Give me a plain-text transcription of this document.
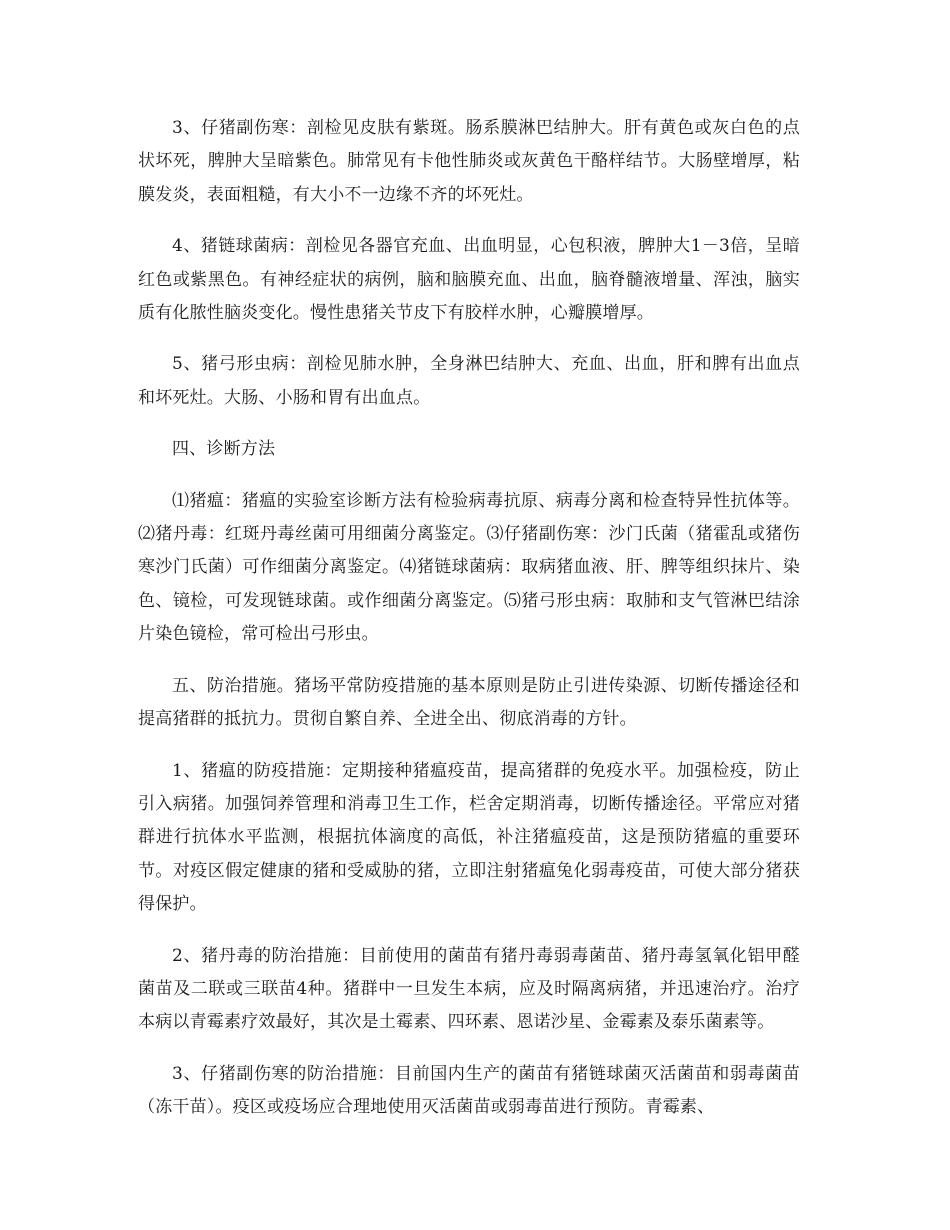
3、仔猪副伤寒：剖检见皮肤有紫斑。肠系膜淋巴结肿大。肝有黄色或灰白色的点状坏死，脾肿大呈暗紫色。肺常见有卡他性肺炎或灰黄色干酪样结节。大肠壁增厚，粘膜发炎，表面粗糙，有大小不一边缘不齐的坏死灶。

4、猪链球菌病：剖检见各器官充血、出血明显，心包积液，脾肿大1－3倍，呈暗红色或紫黑色。有神经症状的病例，脑和脑膜充血、出血，脑脊髓液增量、浑浊，脑实质有化脓性脑炎变化。慢性患猪关节皮下有胶样水肿，心瓣膜增厚。

5、猪弓形虫病：剖检见肺水肿，全身淋巴结肿大、充血、出血，肝和脾有出血点和坏死灶。大肠、小肠和胃有出血点。

四、诊断方法

⑴猪瘟：猪瘟的实验室诊断方法有检验病毒抗原、病毒分离和检查特异性抗体等。⑵猪丹毒：红斑丹毒丝菌可用细菌分离鉴定。⑶仔猪副伤寒：沙门氏菌（猪霍乱或猪伤寒沙门氏菌）可作细菌分离鉴定。⑷猪链球菌病：取病猪血液、肝、脾等组织抹片、染色、镜检，可发现链球菌。或作细菌分离鉴定。⑸猪弓形虫病：取肺和支气管淋巴结涂片染色镜检，常可检出弓形虫。

五、防治措施。猪场平常防疫措施的基本原则是防止引进传染源、切断传播途径和提高猪群的抵抗力。贯彻自繁自养、全进全出、彻底消毒的方针。

1、猪瘟的防疫措施：定期接种猪瘟疫苗，提高猪群的免疫水平。加强检疫，防止引入病猪。加强饲养管理和消毒卫生工作，栏舍定期消毒，切断传播途径。平常应对猪群进行抗体水平监测，根据抗体滴度的高低，补注猪瘟疫苗，这是预防猪瘟的重要环节。对疫区假定健康的猪和受威胁的猪，立即注射猪瘟兔化弱毒疫苗，可使大部分猪获得保护。

2、猪丹毒的防治措施：目前使用的菌苗有猪丹毒弱毒菌苗、猪丹毒氢氧化铝甲醛菌苗及二联或三联苗4种。猪群中一旦发生本病，应及时隔离病猪，并迅速治疗。治疗本病以青霉素疗效最好，其次是土霉素、四环素、恩诺沙星、金霉素及泰乐菌素等。

3、仔猪副伤寒的防治措施：目前国内生产的菌苗有猪链球菌灭活菌苗和弱毒菌苗（冻干苗）。疫区或疫场应合理地使用灭活菌苗或弱毒苗进行预防。青霉素、
